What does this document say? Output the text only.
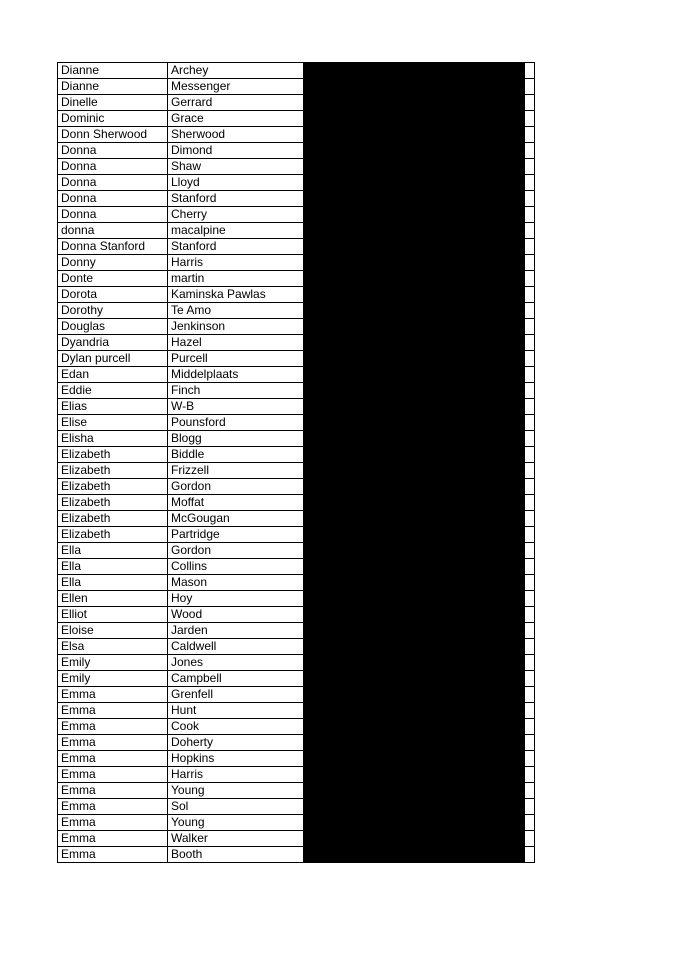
Dianne	Archey		
Dianne	Messenger		
Dinelle	Gerrard		
Dominic	Grace		
Donn Sherwood	Sherwood		
Donna	Dimond		
Donna	Shaw		
Donna	Lloyd		
Donna	Stanford		
Donna	Cherry		
donna	macalpine		
Donna Stanford	Stanford		
Donny	Harris		
Donte	martin		
Dorota	Kaminska Pawlas		
Dorothy	Te Amo		
Douglas	Jenkinson		
Dyandria	Hazel		
Dylan purcell	Purcell		
Edan	Middelplaats		
Eddie	Finch		
Elias	W-B		
Elise	Pounsford		
Elisha	Blogg		
Elizabeth	Biddle		
Elizabeth	Frizzell		
Elizabeth	Gordon		
Elizabeth	Moffat		
Elizabeth	McGougan		
Elizabeth	Partridge		
Ella	Gordon		
Ella	Collins		
Ella	Mason		
Ellen	Hoy		
Elliot	Wood		
Eloise	Jarden		
Elsa	Caldwell		
Emily	Jones		
Emily	Campbell		
Emma	Grenfell		
Emma	Hunt		
Emma	Cook		
Emma	Doherty		
Emma	Hopkins		
Emma	Harris		
Emma	Young		
Emma	Sol		
Emma	Young		
Emma	Walker		
Emma	Booth		
